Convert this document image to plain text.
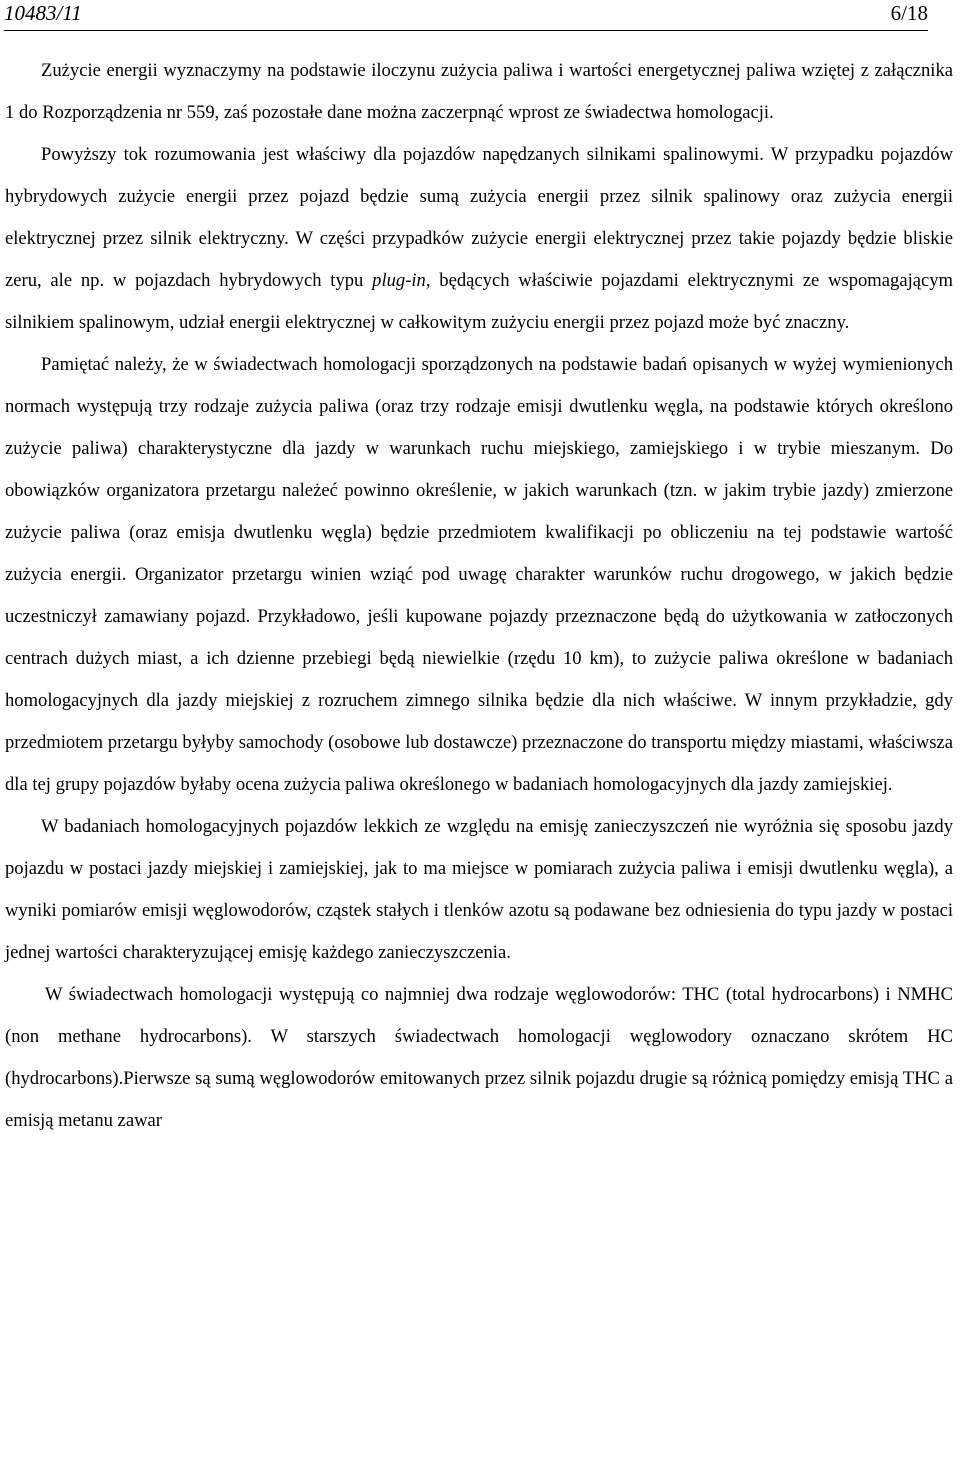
10483/11	6/18

Zużycie energii wyznaczymy na podstawie iloczynu zużycia paliwa i wartości energetycznej paliwa wziętej z załącznika 1 do Rozporządzenia nr 559, zaś pozostałe dane można zaczerpnąć wprost ze świadectwa homologacji.

Powyższy tok rozumowania jest właściwy dla pojazdów napędzanych silnikami spalinowymi. W przypadku pojazdów hybrydowych zużycie energii przez pojazd będzie sumą zużycia energii przez silnik spalinowy oraz zużycia energii elektrycznej przez silnik elektryczny. W części przypadków zużycie energii elektrycznej przez takie pojazdy będzie bliskie zeru, ale np. w pojazdach hybrydowych typu plug-in, będących właściwie pojazdami elektrycznymi ze wspomagającym silnikiem spalinowym, udział energii elektrycznej w całkowitym zużyciu energii przez pojazd może być znaczny.

Pamiętać należy, że w świadectwach homologacji sporządzonych na podstawie badań opisanych w wyżej wymienionych normach występują trzy rodzaje zużycia paliwa (oraz trzy rodzaje emisji dwutlenku węgla, na podstawie których określono zużycie paliwa) charakterystyczne dla jazdy w warunkach ruchu miejskiego, zamiejskiego i w trybie mieszanym. Do obowiązków organizatora przetargu należeć powinno określenie, w jakich warunkach (tzn. w jakim trybie jazdy) zmierzone zużycie paliwa (oraz emisja dwutlenku węgla) będzie przedmiotem kwalifikacji po obliczeniu na tej podstawie wartość zużycia energii. Organizator przetargu winien wziąć pod uwagę charakter warunków ruchu drogowego, w jakich będzie uczestniczył zamawiany pojazd. Przykładowo, jeśli kupowane pojazdy przeznaczone będą do użytkowania w zatłoczonych centrach dużych miast, a ich dzienne przebiegi będą niewielkie (rzędu 10 km), to zużycie paliwa określone w badaniach homologacyjnych dla jazdy miejskiej z rozruchem zimnego silnika będzie dla nich właściwe. W innym przykładzie, gdy przedmiotem przetargu byłyby samochody (osobowe lub dostawcze) przeznaczone do transportu między miastami, właściwsza dla tej grupy pojazdów byłaby ocena zużycia paliwa określonego w badaniach homologacyjnych dla jazdy zamiejskiej.

W badaniach homologacyjnych pojazdów lekkich ze względu na emisję zanieczyszczeń nie wyróżnia się sposobu jazdy pojazdu w postaci jazdy miejskiej i zamiejskiej, jak to ma miejsce w pomiarach zużycia paliwa i emisji dwutlenku węgla), a wyniki pomiarów emisji węglowodorów, cząstek stałych i tlenków azotu są podawane bez odniesienia do typu jazdy w postaci jednej wartości charakteryzującej emisję każdego zanieczyszczenia.

W świadectwach homologacji występują co najmniej dwa rodzaje węglowodorów: THC (total hydrocarbons) i NMHC (non methane hydrocarbons). W starszych świadectwach homologacji węglowodory oznaczano skrótem HC (hydrocarbons).Pierwsze są sumą węglowodorów emitowanych przez silnik pojazdu drugie są różnicą pomiędzy emisją THC a emisją metanu zawar
